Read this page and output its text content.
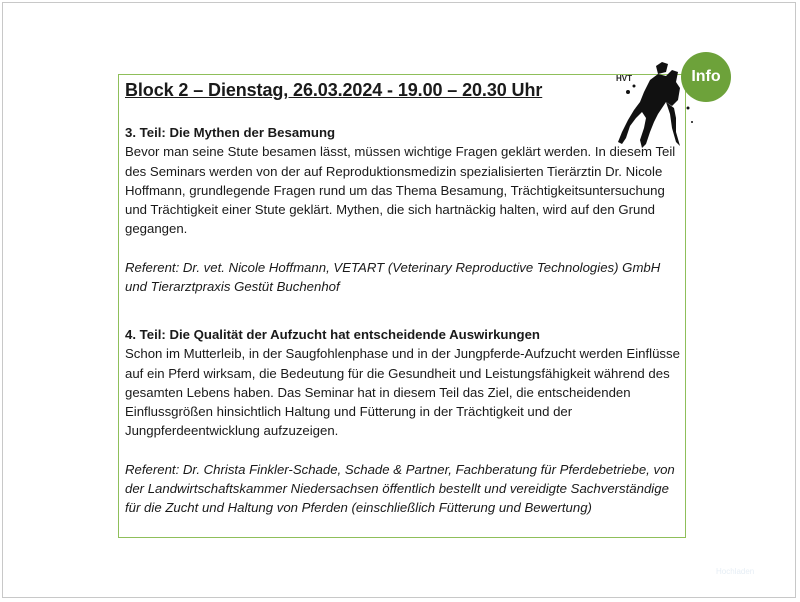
Block 2 – Dienstag, 26.03.2024 - 19.00 – 20.30 Uhr

3. Teil: Die Mythen der Besamung

Bevor man seine Stute besamen lässt, müssen wichtige Fragen geklärt werden. In diesem Teil des Seminars werden von der auf Reproduktionsmedizin spezialisierten Tierärztin Dr. Nicole Hoffmann, grundlegende Fragen rund um das Thema Besamung, Trächtigkeitsuntersuchung und Trächtigkeit einer Stute geklärt. Mythen, die sich hartnäckig halten, wird auf den Grund gegangen.

Referent: Dr. vet. Nicole Hoffmann, VETART (Veterinary Reproductive Technologies) GmbH und Tierarztpraxis Gestüt Buchenhof

4. Teil: Die Qualität der Aufzucht hat entscheidende Auswirkungen

Schon im Mutterleib, in der Saugfohlenphase und in der Jungpferde-Aufzucht werden Einflüsse auf ein Pferd wirksam, die Bedeutung für die Gesundheit und Leistungsfähigkeit während des gesamten Lebens haben. Das Seminar hat in diesem Teil das Ziel, die entscheidenden Einflussgrößen hinsichtlich Haltung und Fütterung in der Trächtigkeit und der Jungpferdeentwicklung aufzuzeigen.

Referent: Dr. Christa Finkler-Schade, Schade & Partner, Fachberatung für Pferdebetriebe, von der Landwirtschaftskammer Niedersachsen öffentlich bestellt und vereidigte Sachverständige für die Zucht und Haltung von Pferden (einschließlich Fütterung und Bewertung)

HVT	Info
Hochladen
